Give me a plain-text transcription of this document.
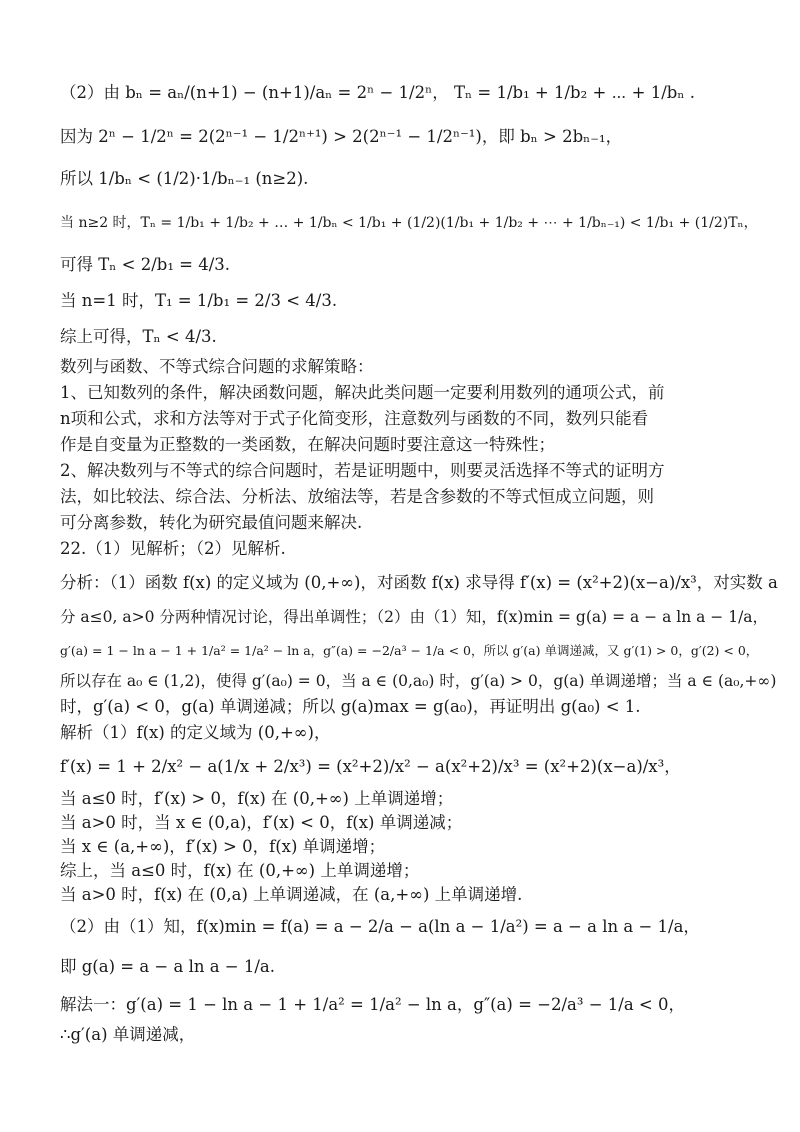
（2）由 bₙ = aₙ/(n+1) − (n+1)/aₙ = 2ⁿ − 1/2ⁿ， Tₙ = 1/b₁ + 1/b₂ + ⋯ + 1/bₙ .
因为 2ⁿ − 1/2ⁿ = 2(2ⁿ⁻¹ − 1/2ⁿ⁺¹) > 2(2ⁿ⁻¹ − 1/2ⁿ⁻¹)，即 bₙ > 2bₙ₋₁，
所以 1/bₙ < (1/2)·1/bₙ₋₁ (n≥2).
当 n≥2 时，Tₙ = 1/b₁ + 1/b₂ + … + 1/bₙ < 1/b₁ + (1/2)(1/b₁ + 1/b₂ + ⋯ + 1/bₙ₋₁) < 1/b₁ + (1/2)Tₙ，
可得 Tₙ < 2/b₁ = 4/3.
当 n=1 时，T₁ = 1/b₁ = 2/3 < 4/3.
综上可得，Tₙ < 4/3.
数列与函数、不等式综合问题的求解策略：
1、已知数列的条件，解决函数问题，解决此类问题一定要利用数列的通项公式，前
n项和公式，求和方法等对于式子化简变形，注意数列与函数的不同，数列只能看
作是自变量为正整数的一类函数，在解决问题时要注意这一特殊性；
2、解决数列与不等式的综合问题时，若是证明题中，则要灵活选择不等式的证明方
法，如比较法、综合法、分析法、放缩法等，若是含参数的不等式恒成立问题，则
可分离参数，转化为研究最值问题来解决.
22.（1）见解析；（2）见解析.
分析：（1）函数 f(x) 的定义域为 (0,+∞)，对函数 f(x) 求导得 f′(x) = (x²+2)(x−a)/x³，对实数 a
分 a≤0, a>0 分两种情况讨论，得出单调性；（2）由（1）知，f(x)min = g(a) = a − a ln a − 1/a，
g′(a) = 1 − ln a − 1 + 1/a² = 1/a² − ln a，g″(a) = −2/a³ − 1/a < 0，所以 g′(a) 单调递减，又 g′(1) > 0，g′(2) < 0，
所以存在 a₀ ∈ (1,2)，使得 g′(a₀) = 0，当 a ∈ (0,a₀) 时，g′(a) > 0，g(a) 单调递增；当 a ∈ (a₀,+∞)
时，g′(a) < 0，g(a) 单调递减；所以 g(a)max = g(a₀)，再证明出 g(a₀) < 1.
解析（1）f(x) 的定义域为 (0,+∞)，
f′(x) = 1 + 2/x² − a(1/x + 2/x³) = (x²+2)/x² − a(x²+2)/x³ = (x²+2)(x−a)/x³，
当 a≤0 时，f′(x) > 0，f(x) 在 (0,+∞) 上单调递增；
当 a>0 时，当 x ∈ (0,a)，f′(x) < 0，f(x) 单调递减；
当 x ∈ (a,+∞)，f′(x) > 0，f(x) 单调递增；
综上，当 a≤0 时，f(x) 在 (0,+∞) 上单调递增；
当 a>0 时，f(x) 在 (0,a) 上单调递减，在 (a,+∞) 上单调递增.
（2）由（1）知，f(x)min = f(a) = a − 2/a − a(ln a − 1/a²) = a − a ln a − 1/a，
即 g(a) = a − a ln a − 1/a.
解法一：g′(a) = 1 − ln a − 1 + 1/a² = 1/a² − ln a，g″(a) = −2/a³ − 1/a < 0，
∴g′(a) 单调递减，
